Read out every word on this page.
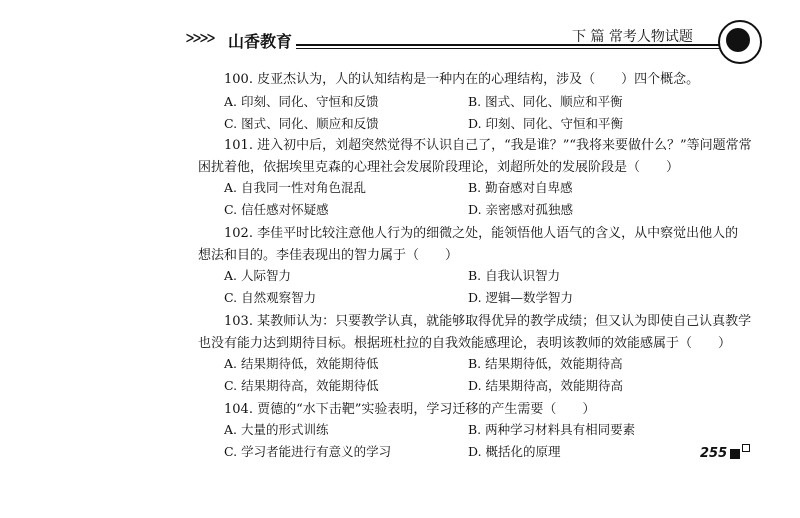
ᐳᐳᐳᐳ 山香教育	下 篇 常考人物试题
100. 皮亚杰认为，人的认知结构是一种内在的心理结构，涉及（　　）四个概念。
A. 印刻、同化、守恒和反馈	B. 图式、同化、顺应和平衡
C. 图式、同化、顺应和反馈	D. 印刻、同化、守恒和平衡
101. 进入初中后，刘超突然觉得不认识自己了，“我是谁？”“我将来要做什么？”等问题常常
困扰着他，依据埃里克森的心理社会发展阶段理论，刘超所处的发展阶段是（　　）
A. 自我同一性对角色混乱	B. 勤奋感对自卑感
C. 信任感对怀疑感	D. 亲密感对孤独感
102. 李佳平时比较注意他人行为的细微之处，能领悟他人语气的含义，从中察觉出他人的
想法和目的。李佳表现出的智力属于（　　）
A. 人际智力	B. 自我认识智力
C. 自然观察智力	D. 逻辑—数学智力
103. 某教师认为：只要教学认真，就能够取得优异的教学成绩；但又认为即使自己认真教学
也没有能力达到期待目标。根据班杜拉的自我效能感理论，表明该教师的效能感属于（　　）
A. 结果期待低，效能期待低	B. 结果期待低，效能期待高
C. 结果期待高，效能期待低	D. 结果期待高，效能期待高
104. 贾德的“水下击靶”实验表明，学习迁移的产生需要（　　）
A. 大量的形式训练	B. 两种学习材料具有相同要素
C. 学习者能进行有意义的学习	D. 概括化的原理	255
